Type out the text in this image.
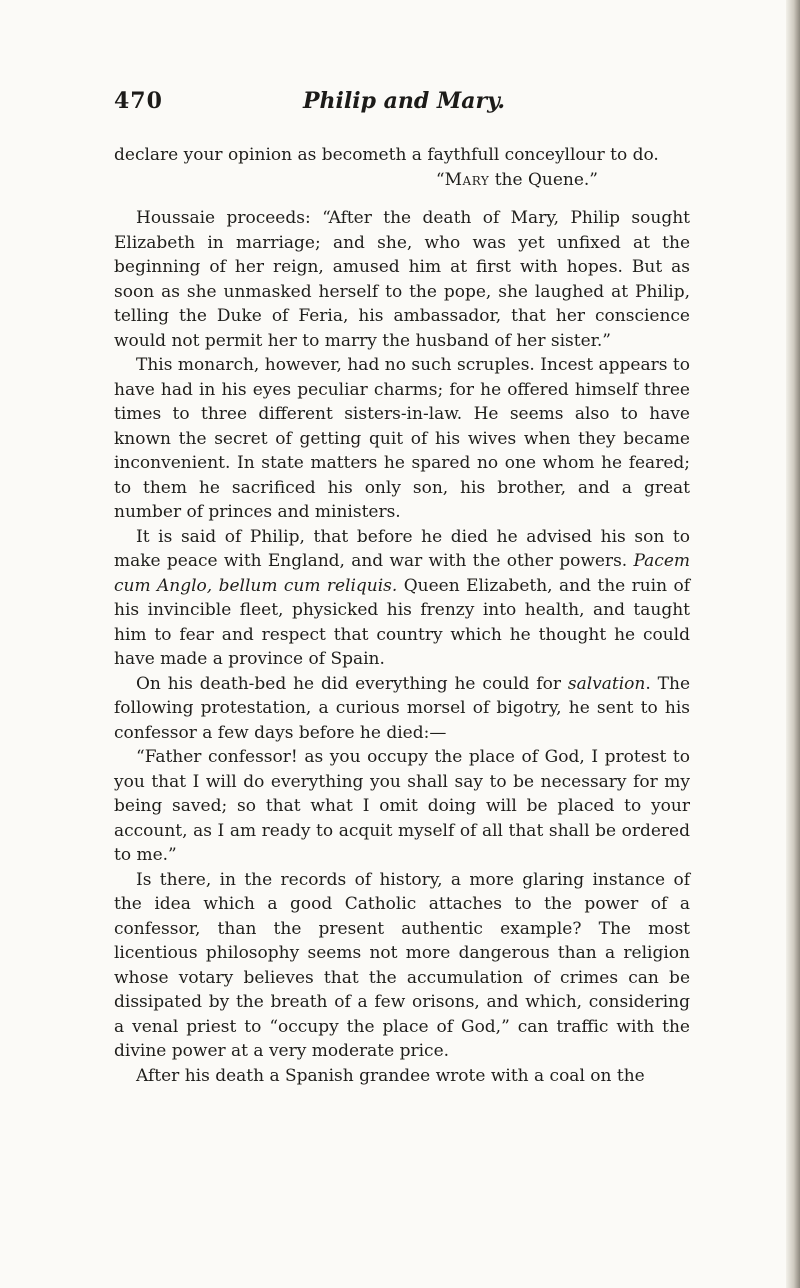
470	Philip and Mary.

declare your opinion as becometh a faythfull conceyllour to do.

“Mary the Quene.”

Houssaie proceeds: “After the death of Mary, Philip sought Elizabeth in marriage; and she, who was yet unfixed at the beginning of her reign, amused him at first with hopes. But as soon as she unmasked herself to the pope, she laughed at Philip, telling the Duke of Feria, his ambassador, that her conscience would not permit her to marry the husband of her sister.”

This monarch, however, had no such scruples. Incest appears to have had in his eyes peculiar charms; for he offered himself three times to three different sisters-in-law. He seems also to have known the secret of getting quit of his wives when they became inconvenient. In state matters he spared no one whom he feared; to them he sacrificed his only son, his brother, and a great number of princes and ministers.

It is said of Philip, that before he died he advised his son to make peace with England, and war with the other powers. Pacem cum Anglo, bellum cum reliquis. Queen Elizabeth, and the ruin of his invincible fleet, physicked his frenzy into health, and taught him to fear and respect that country which he thought he could have made a province of Spain.

On his death-bed he did everything he could for salvation. The following protestation, a curious morsel of bigotry, he sent to his confessor a few days before he died:—

“Father confessor! as you occupy the place of God, I protest to you that I will do everything you shall say to be necessary for my being saved; so that what I omit doing will be placed to your account, as I am ready to acquit myself of all that shall be ordered to me.”

Is there, in the records of history, a more glaring instance of the idea which a good Catholic attaches to the power of a confessor, than the present authentic example? The most licentious philosophy seems not more dangerous than a religion whose votary believes that the accumulation of crimes can be dissipated by the breath of a few orisons, and which, considering a venal priest to “occupy the place of God,” can traffic with the divine power at a very moderate price.

After his death a Spanish grandee wrote with a coal on the
